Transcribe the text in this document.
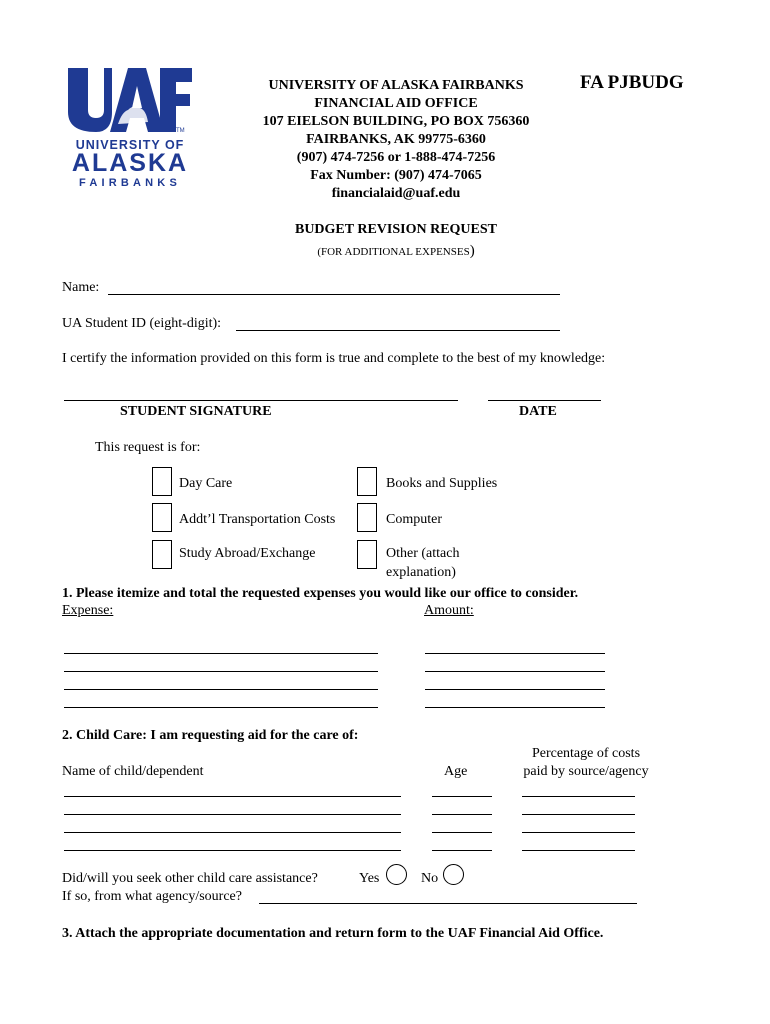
TM
UNIVERSITY OF
ALASKA
FAIRBANKS
FA PJBUDG
UNIVERSITY OF ALASKA FAIRBANKS
FINANCIAL AID OFFICE
107 EIELSON BUILDING, PO BOX 756360
FAIRBANKS, AK 99775-6360
(907) 474-7256 or 1-888-474-7256
Fax Number: (907) 474-7065
financialaid@uaf.edu
BUDGET REVISION REQUEST
(FOR ADDITIONAL EXPENSES)
Name:
UA Student ID (eight-digit):
I certify the information provided on this form is true and complete to the best of my knowledge:
STUDENT SIGNATURE	DATE
This request is for:
Day Care	Books and Supplies
Addt’l Transportation Costs	Computer
Study Abroad/Exchange	Other (attach
explanation)
1. Please itemize and total the requested expenses you would like our office to consider.
Expense:	Amount:
2. Child Care: I am requesting aid for the care of:
Name of child/dependent	Age
Percentage of costs
paid by source/agency
Did/will you seek other child care assistance?	Yes	No
If so, from what agency/source?
3. Attach the appropriate documentation and return form to the UAF Financial Aid Office.
